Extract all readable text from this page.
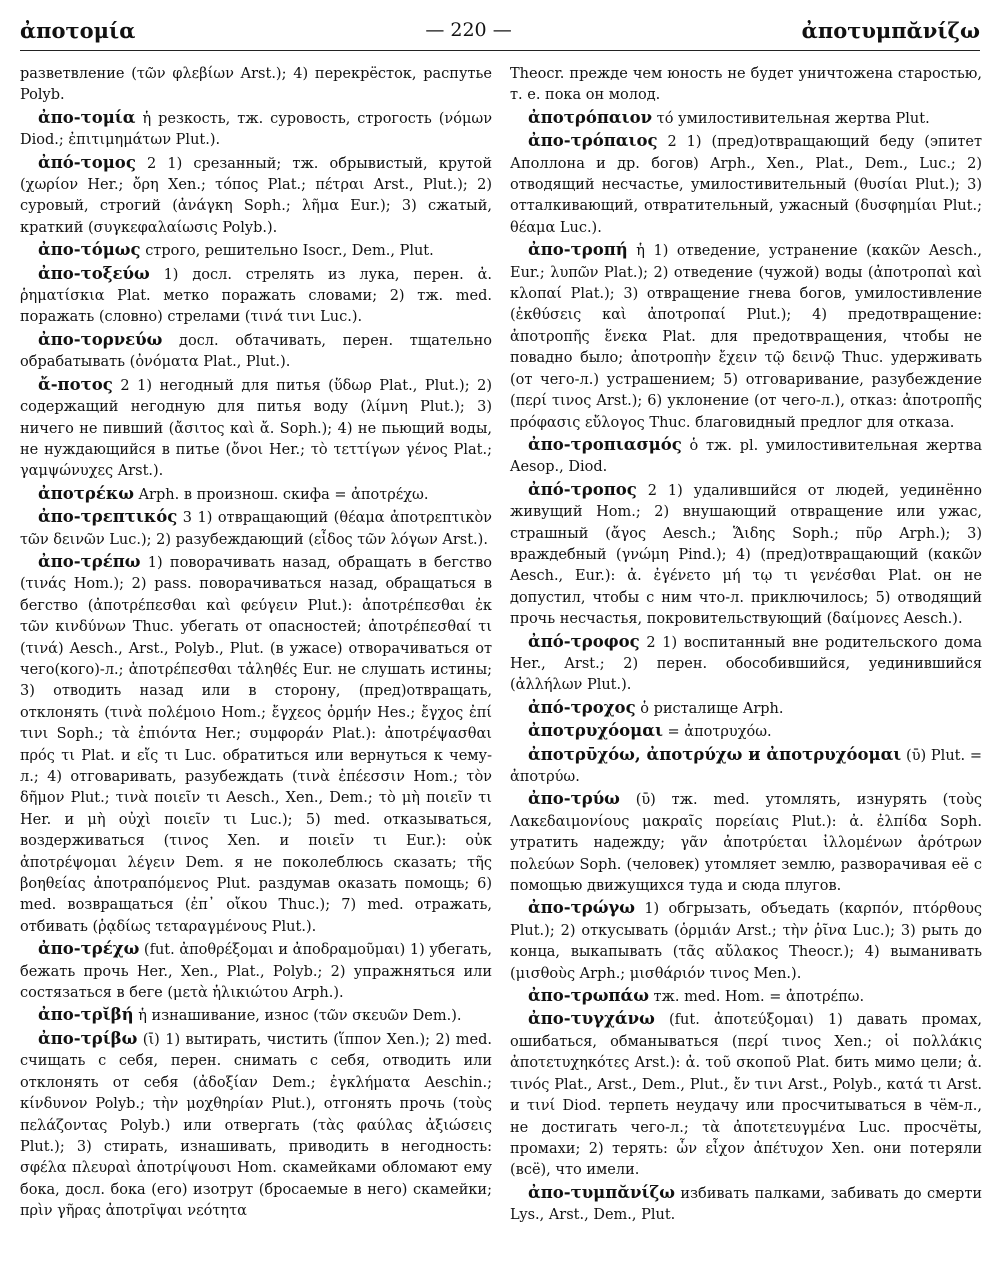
ἀποτομία	— 220 —	ἀποτυμπᾰνίζω

разветвление (τῶν φλεβίων Arst.); 4) перекрёсток, распутье Polyb.

ἀπο-τομία ἡ резкость, тж. суровость, строгость (νόμων Diod.; ἐπιτιμημάτων Plut.).

ἀπό-τομος 2 1) срезанный; тж. обрывистый, крутой (χωρίον Her.; ὄρη Xen.; τόπος Plat.; πέτραι Arst., Plut.); 2) суровый, строгий (ἀνάγκη Soph.; λῆμα Eur.); 3) сжатый, краткий (συγκεφαλαίωσις Polyb.).

ἀπο-τόμως строго, решительно Isocr., Dem., Plut.

ἀπο-τοξεύω 1) досл. стрелять из лука, перен. ἀ. ῥηματίσκια Plat. метко поражать словами; 2) тж. med. поражать (словно) стрелами (τινά τινι Luc.).

ἀπο-τορνεύω досл. обтачивать, перен. тщательно обрабатывать (ὀνόματα Plat., Plut.).

ἄ-ποτος 2 1) негодный для питья (ὕδωρ Plat., Plut.); 2) содержащий негодную для питья воду (λίμνη Plut.); 3) ничего не пивший (ἄσιτος καὶ ἄ. Soph.); 4) не пьющий воды, не нуждающийся в питье (ὄνοι Her.; τὸ τεττίγων γένος Plat.; γαμψώνυχες Arst.).

ἀποτρέκω Arph. в произнош. скифа = ἀποτρέχω.

ἀπο-τρεπτικός 3 1) отвращающий (θέαμα ἀποτρεπτικὸν τῶν δεινῶν Luc.); 2) разубеждающий (εἶδος τῶν λόγων Arst.).

ἀπο-τρέπω 1) поворачивать назад, обращать в бегство (τινάς Hom.); 2) pass. поворачиваться назад, обращаться в бегство (ἀποτρέπεσθαι καὶ φεύγειν Plut.): ἀποτρέπεσθαι ἐκ τῶν κινδύνων Thuc. убегать от опасностей; ἀποτρέπεσθαί τι (τινά) Aesch., Arst., Polyb., Plut. (в ужасе) отворачиваться от чего(кого)-л.; ἀποτρέπεσθαι τἀληθές Eur. не слушать истины; 3) отводить назад или в сторону, (пред)отвращать, отклонять (τινὰ πολέμοιο Hom.; ἔγχεος ὁρμήν Hes.; ἔγχος ἐπί τινι Soph.; τὰ ἐπιόντα Her.; συμφοράν Plat.): ἀποτρέψασθαι πρός τι Plat. и εἴς τι Luc. обратиться или вернуться к чему-л.; 4) отговаривать, разубеждать (τινὰ ἐπέεσσιν Hom.; τὸν δῆμον Plut.; τινὰ ποιεῖν τι Aesch., Xen., Dem.; τὸ μὴ ποιεῖν τι Her. и μὴ οὐχὶ ποιεῖν τι Luc.); 5) med. отказываться, воздерживаться (τινος Xen. и ποιεῖν τι Eur.): οὐκ ἀποτρέψομαι λέγειν Dem. я не поколеблюсь сказать; τῆς βοηθείας ἀποτραπόμενος Plut. раздумав оказать помощь; 6) med. возвращаться (ἐπ᾽ οἴκου Thuc.); 7) med. отражать, отбивать (ῥᾳδίως τεταραγμένους Plut.).

ἀπο-τρέχω (fut. ἀποθρέξομαι и ἀποδραμοῦμαι) 1) убегать, бежать прочь Her., Xen., Plat., Polyb.; 2) упражняться или состязаться в беге (μετὰ ἡλικιώτου Arph.).

ἀπο-τρῐβή ἡ изнашивание, износ (τῶν σκευῶν Dem.).

ἀπο-τρίβω (ῑ) 1) вытирать, чистить (ἵππον Xen.); 2) med. счищать с себя, перен. снимать с себя, отводить или отклонять от себя (ἀδοξίαν Dem.; ἐγκλήματα Aeschin.; κίνδυνον Polyb.; τὴν μοχθηρίαν Plut.), отгонять прочь (τοὺς πελάζοντας Polyb.) или отвергать (τὰς φαύλας ἀξιώσεις Plut.); 3) стирать, изнашивать, приводить в негодность: σφέλα πλευραὶ ἀποτρίψουσι Hom. скамейками обломают ему бока, досл. бока (его) изотрут (бросаемые в него) скамейки; πρὶν γῆρας ἀποτρῖψαι νεότητα

Theocr. прежде чем юность не будет уничтожена старостью, т. е. пока он молод.

ἀποτρόπαιον τό умилостивительная жертва Plut.

ἀπο-τρόπαιος 2 1) (пред)отвращающий беду (эпитет Аполлона и др. богов) Arph., Xen., Plat., Dem., Luc.; 2) отводящий несчастье, умилостивительный (θυσίαι Plut.); 3) отталкивающий, отвратительный, ужасный (δυσφημίαι Plut.; θέαμα Luc.).

ἀπο-τροπή ἡ 1) отведение, устранение (κακῶν Aesch., Eur.; λυπῶν Plat.); 2) отведение (чужой) воды (ἀποτροπαὶ καὶ κλοπαί Plat.); 3) отвращение гнева богов, умилостивление (ἐκθύσεις καὶ ἀποτροπαί Plut.); 4) предотвращение: ἀποτροπῆς ἕνεκα Plat. для предотвращения, чтобы не повадно было; ἀποτροπὴν ἔχειν τῷ δεινῷ Thuc. удерживать (от чего-л.) устрашением; 5) отговаривание, разубеждение (περί τινος Arst.); 6) уклонение (от чего-л.), отказ: ἀποτροπῆς πρόφασις εὔλογος Thuc. благовидный предлог для отказа.

ἀπο-τροπιασμός ὁ тж. pl. умилостивительная жертва Aesop., Diod.

ἀπό-τροπος 2 1) удалившийся от людей, уединённо живущий Hom.; 2) внушающий отвращение или ужас, страшный (ἄγος Aesch.; Ἅιδης Soph.; πῦρ Arph.); 3) враждебный (γνώμη Pind.); 4) (пред)отвращающий (κακῶν Aesch., Eur.): ἀ. ἐγένετο μή τῳ τι γενέσθαι Plat. он не допустил, чтобы с ним что-л. приключилось; 5) отводящий прочь несчастья, покровительствующий (δαίμονες Aesch.).

ἀπό-τροφος 2 1) воспитанный вне родительского дома Her., Arst.; 2) перен. обособившийся, уединившийся (ἀλλήλων Plut.).

ἀπό-τροχος ὁ ристалище Arph.

ἀποτρυχόομαι = ἀποτρυχόω.

ἀποτρῡχόω, ἀποτρύχω и ἀποτρυχόομαι (ῡ) Plut. = ἀποτρύω.

ἀπο-τρύω (ῡ) тж. med. утомлять, изнурять (τοὺς Λακεδαιμονίους μακραῖς πορείαις Plut.): ἀ. ἐλπίδα Soph. утратить надежду; γᾶν ἀποτρύεται ἰλλομένων ἀρότρων πολεύων Soph. (человек) утомляет землю, разворачивая её с помощью движущихся туда и сюда плугов.

ἀπο-τρώγω 1) обгрызать, объедать (καρπόν, πτόρθους Plut.); 2) откусывать (ὁρμιάν Arst.; τὴν ῥῖνα Luc.); 3) рыть до конца, выкапывать (τᾶς αὔλακος Theocr.); 4) выманивать (μισθοὺς Arph.; μισθάριόν τινος Men.).

ἀπο-τρωπάω тж. med. Hom. = ἀποτρέπω.

ἀπο-τυγχάνω (fut. ἀποτεύξομαι) 1) давать промах, ошибаться, обманываться (περί τινος Xen.; οἱ πολλάκις ἀποτετυχηκότες Arst.): ἀ. τοῦ σκοποῦ Plat. бить мимо цели; ἀ. τινός Plat., Arst., Dem., Plut., ἔν τινι Arst., Polyb., κατά τι Arst. и τινί Diod. терпеть неудачу или просчитываться в чём-л., не достигать чего-л.; τὰ ἀποτετευγμένα Luc. просчёты, промахи; 2) терять: ὧν εἶχον ἀπέτυχον Xen. они потеряли (всё), что имели.

ἀπο-τυμπᾰνίζω избивать палками, забивать до смерти Lys., Arst., Dem., Plut.
